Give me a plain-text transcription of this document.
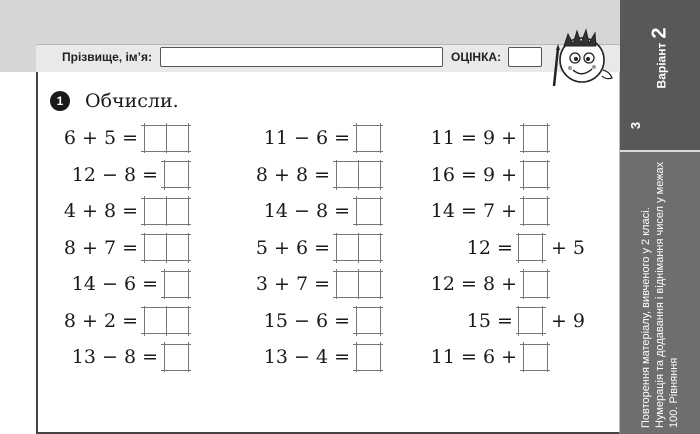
Прізвище, ім’я:	ОЦІНКА:
1	Обчисли.
6 + 5 =
12 − 8 =
4 + 8 =
8 + 7 =
14 − 6 =
8 + 2 =
13 − 8 =
11 − 6 =
8 + 8 =
14 − 8 =
5 + 6 =
3 + 7 =
15 − 6 =
13 − 4 =
11 = 9 +
16 = 9 +
14 = 7 +
12 = + 5
12 = 8 +
15 = + 9
11 = 6 +
Варіант2
3
Повторення матеріалу, вивченого у 2 класі. Нумерація та додавання і віднімання чисел у межах 100. Рівняння
